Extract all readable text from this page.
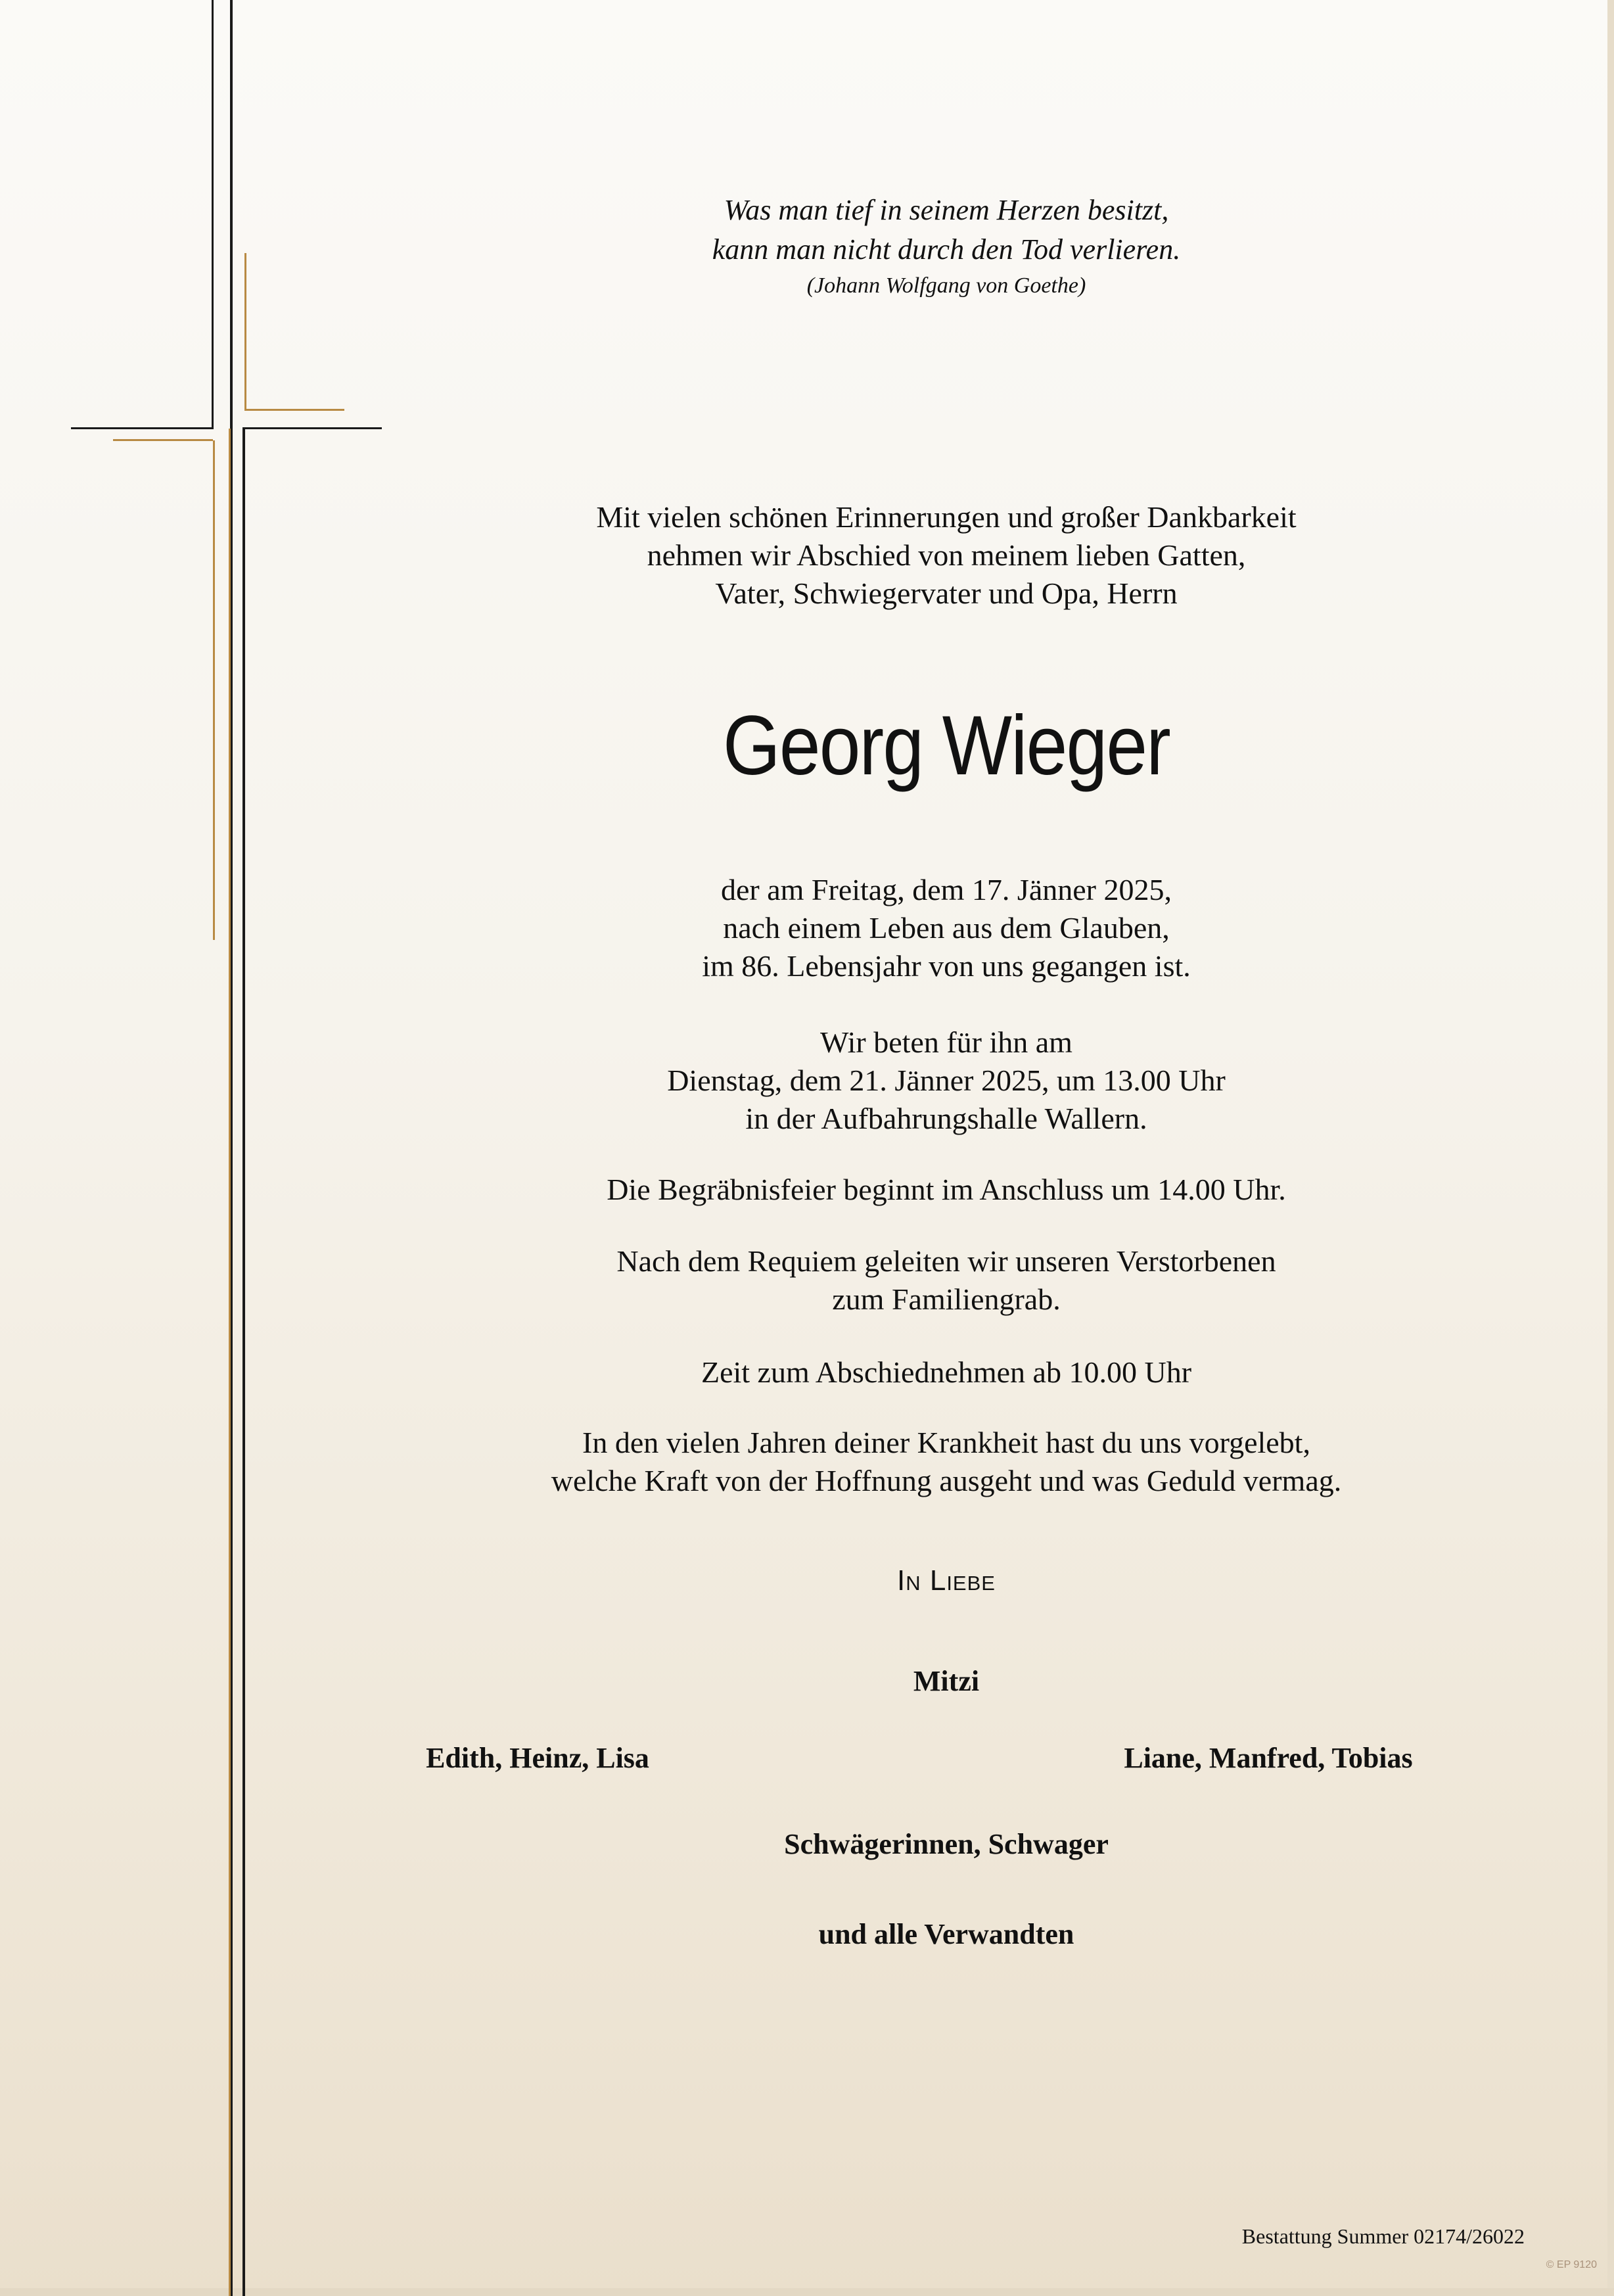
Was man tief in seinem Herzen besitzt,
kann man nicht durch den Tod verlieren.
(Johann Wolfgang von Goethe)
Mit vielen schönen Erinnerungen und großer Dankbarkeit
nehmen wir Abschied von meinem lieben Gatten,
Vater, Schwiegervater und Opa, Herrn
Georg Wieger
der am Freitag, dem 17. Jänner 2025,
nach einem Leben aus dem Glauben,
im 86. Lebensjahr von uns gegangen ist.
Wir beten für ihn am
Dienstag, dem 21. Jänner 2025, um 13.00 Uhr
in der Aufbahrungshalle Wallern.
Die Begräbnisfeier beginnt im Anschluss um 14.00 Uhr.
Nach dem Requiem geleiten wir unseren Verstorbenen
zum Familiengrab.
Zeit zum Abschiednehmen ab 10.00 Uhr
In den vielen Jahren deiner Krankheit hast du uns vorgelebt,
welche Kraft von der Hoffnung ausgeht und was Geduld vermag.
In Liebe
Mitzi
Edith, Heinz, Lisa	Liane, Manfred, Tobias
Schwägerinnen, Schwager
und alle Verwandten
Bestattung Summer 02174/26022
© EP 9120
